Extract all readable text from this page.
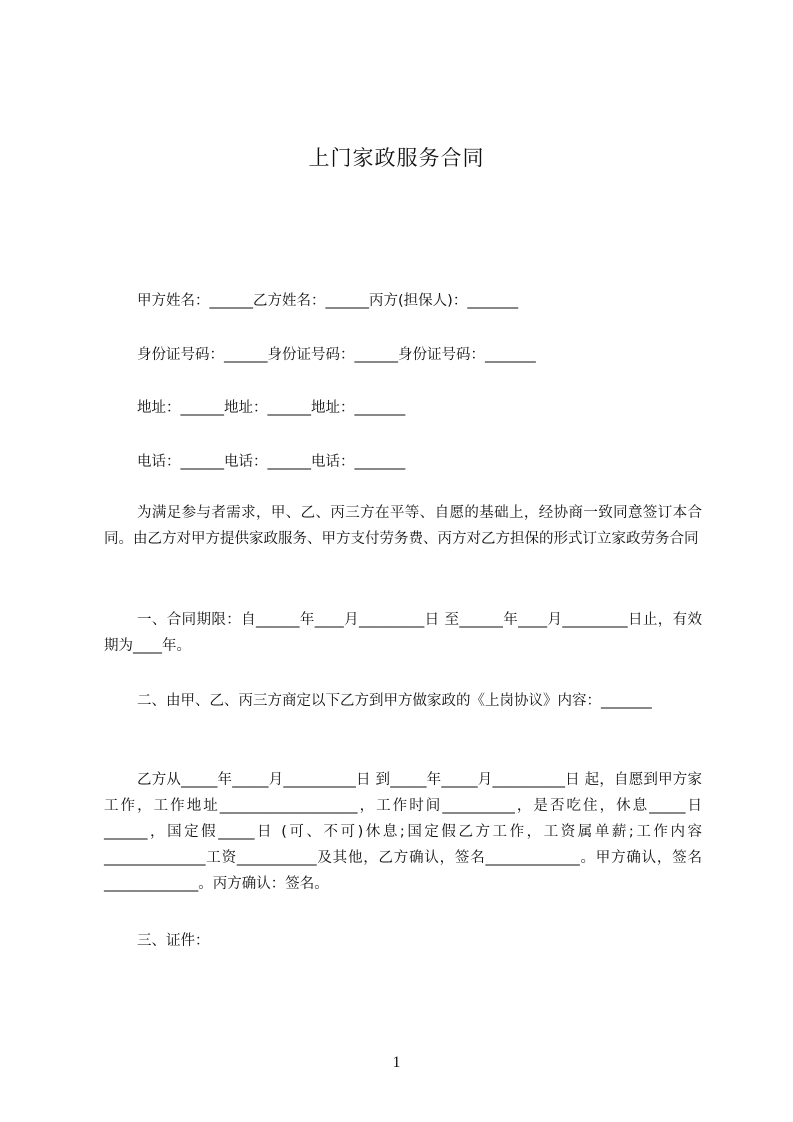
上门家政服务合同
甲方姓名：______乙方姓名：______丙方(担保人)：_______
身份证号码：______身份证号码：______身份证号码：_______
地址：______地址：______地址：_______
电话：______电话：______电话：_______
为满足参与者需求，甲、乙、丙三方在平等、自愿的基础上，经协商一致同意签订本合同。由乙方对甲方提供家政服务、甲方支付劳务费、丙方对乙方担保的形式订立家政劳务合同
一、合同期限：自______年____月_________日 至______年____月_________日止，有效期为____年。
二、由甲、乙、丙三方商定以下乙方到甲方做家政的《上岗协议》内容：_______
乙方从_____年_____月__________日 到_____年_____月__________日 起，自愿到甲方家工作，工作地址___________________，工作时间__________，是否吃住，休息_____日 ______，国定假_____日 (可、不可)休息;国定假乙方工作，工资属单薪;工作内容______________工资___________及其他，乙方确认，签名_____________。甲方确认，签名_____________。丙方确认：签名。
三、证件：
1
